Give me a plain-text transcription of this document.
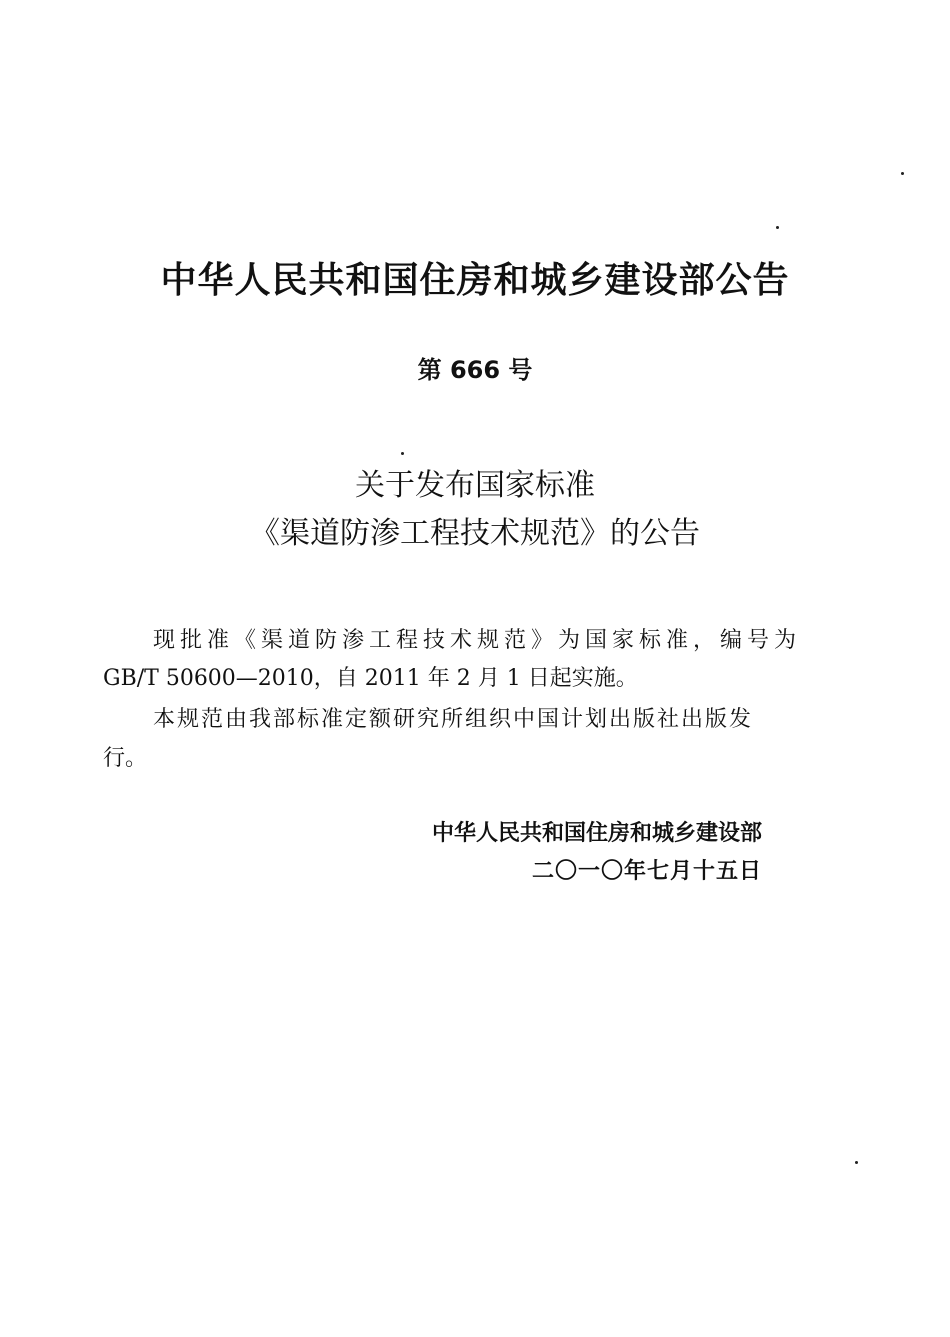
中华人民共和国住房和城乡建设部公告
第 666 号
关于发布国家标准
《渠道防渗工程技术规范》的公告
现批准《渠道防渗工程技术规范》为国家标准，编号为
GB/T 50600—2010，自 2011 年 2 月 1 日起实施。
本规范由我部标准定额研究所组织中国计划出版社出版发
行。
中华人民共和国住房和城乡建设部
二〇一〇年七月十五日
